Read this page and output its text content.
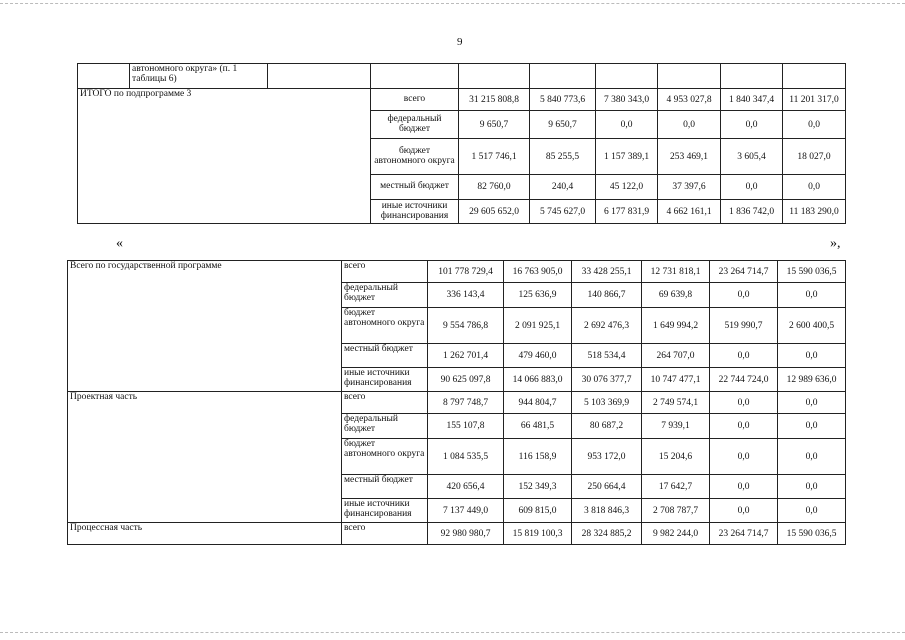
9
	автономного округа» (п. 1 таблицы 6)								
ИТОГО по подпрограмме 3			всего	31 215 808,8	5 840 773,6	7 380 343,0	4 953 027,8	1 840 347,4	11 201 317,0
			федеральный бюджет	9 650,7	9 650,7	0,0	0,0	0,0	0,0
			бюджет автономного округа	1 517 746,1	85 255,5	1 157 389,1	253 469,1	3 605,4	18 027,0
			местный бюджет	82 760,0	240,4	45 122,0	37 397,6	0,0	0,0
			иные источники финансирования	29 605 652,0	5 745 627,0	6 177 831,9	4 662 161,1	1 836 742,0	11 183 290,0
«	»,
Всего по государственной программе	всего	101 778 729,4	16 763 905,0	33 428 255,1	12 731 818,1	23 264 714,7	15 590 036,5
	федеральный бюджет	336 143,4	125 636,9	140 866,7	69 639,8	0,0	0,0
	бюджет автономного округа	9 554 786,8	2 091 925,1	2 692 476,3	1 649 994,2	519 990,7	2 600 400,5
	местный бюджет	1 262 701,4	479 460,0	518 534,4	264 707,0	0,0	0,0
	иные источники финансирования	90 625 097,8	14 066 883,0	30 076 377,7	10 747 477,1	22 744 724,0	12 989 636,0
Проектная часть	всего	8 797 748,7	944 804,7	5 103 369,9	2 749 574,1	0,0	0,0
	федеральный бюджет	155 107,8	66 481,5	80 687,2	7 939,1	0,0	0,0
	бюджет автономного округа	1 084 535,5	116 158,9	953 172,0	15 204,6	0,0	0,0
	местный бюджет	420 656,4	152 349,3	250 664,4	17 642,7	0,0	0,0
	иные источники финансирования	7 137 449,0	609 815,0	3 818 846,3	2 708 787,7	0,0	0,0
Процессная часть	всего	92 980 980,7	15 819 100,3	28 324 885,2	9 982 244,0	23 264 714,7	15 590 036,5
